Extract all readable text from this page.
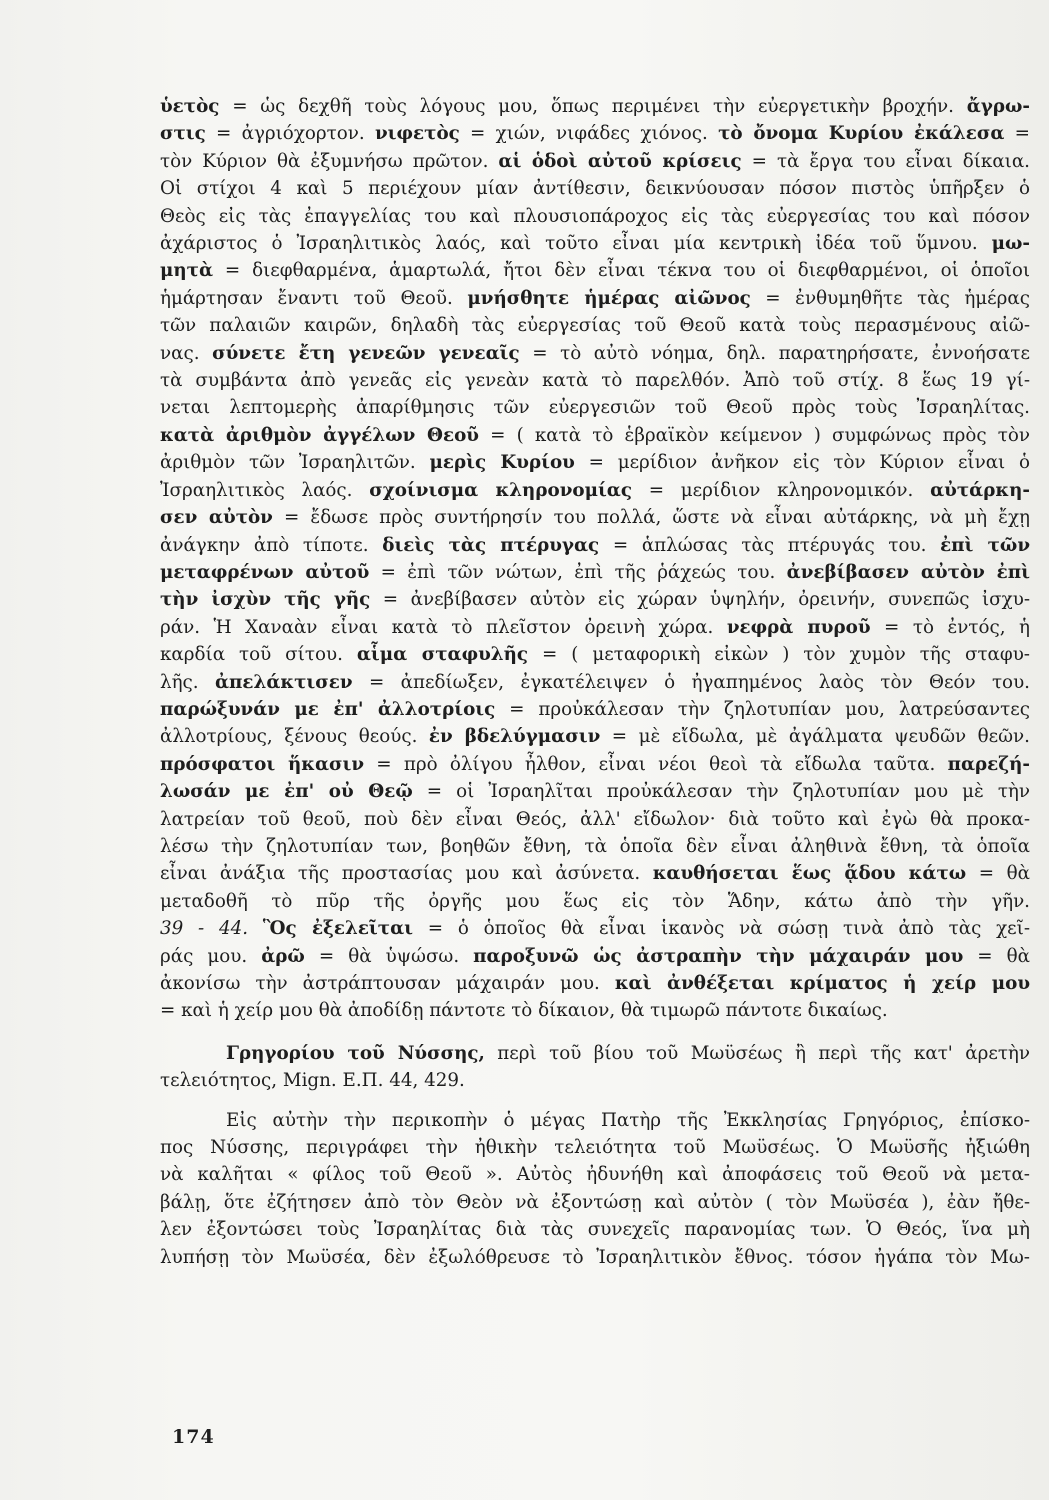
ὑετὸς = ὡς δεχθῆ τοὺς λόγους μου, ὅπως περιμένει τὴν εὐεργετικὴν βροχήν. ἄγρω-
στις = ἀγριόχορτον. νιφετὸς = χιών, νιφάδες χιόνος. τὸ ὄνομα Κυρίου ἐκάλεσα =
τὸν Κύριον θὰ ἐξυμνήσω πρῶτον. αἱ ὁδοὶ αὐτοῦ κρίσεις = τὰ ἔργα του εἶναι δίκαια.
Οἱ στίχοι 4 καὶ 5 περιέχουν μίαν ἀντίθεσιν, δεικνύουσαν πόσον πιστὸς ὑπῆρξεν ὁ
Θεὸς εἰς τὰς ἐπαγγελίας του καὶ πλουσιοπάροχος εἰς τὰς εὐεργεσίας του καὶ πόσον
ἀχάριστος ὁ Ἰσραηλιτικὸς λαός, καὶ τοῦτο εἶναι μία κεντρικὴ ἰδέα τοῦ ὕμνου. μω-
μητὰ = διεφθαρμένα, ἁμαρτωλά, ἤτοι δὲν εἶναι τέκνα του οἱ διεφθαρμένοι, οἱ ὁποῖοι
ἡμάρτησαν ἔναντι τοῦ Θεοῦ. μνήσθητε ἡμέρας αἰῶνος = ἐνθυμηθῆτε τὰς ἡμέρας
τῶν παλαιῶν καιρῶν, δηλαδὴ τὰς εὐεργεσίας τοῦ Θεοῦ κατὰ τοὺς περασμένους αἰῶ-
νας. σύνετε ἔτη γενεῶν γενεαῖς = τὸ αὐτὸ νόημα, δηλ. παρατηρήσατε, ἐννοήσατε
τὰ συμβάντα ἀπὸ γενεᾶς εἰς γενεὰν κατὰ τὸ παρελθόν. Ἀπὸ τοῦ στίχ. 8 ἕως 19 γί-
νεται λεπτομερὴς ἀπαρίθμησις τῶν εὐεργεσιῶν τοῦ Θεοῦ πρὸς τοὺς Ἰσραηλίτας.
κατὰ ἀριθμὸν ἀγγέλων Θεοῦ = ( κατὰ τὸ ἑβραϊκὸν κείμενον ) συμφώνως πρὸς τὸν
ἀριθμὸν τῶν Ἰσραηλιτῶν. μερὶς Κυρίου = μερίδιον ἀνῆκον εἰς τὸν Κύριον εἶναι ὁ
Ἰσραηλιτικὸς λαός. σχοίνισμα κληρονομίας = μερίδιον κληρονομικόν. αὐτάρκη-
σεν αὐτὸν = ἔδωσε πρὸς συντήρησίν του πολλά, ὥστε νὰ εἶναι αὐτάρκης, νὰ μὴ ἔχῃ
ἀνάγκην ἀπὸ τίποτε. διεὶς τὰς πτέρυγας = ἁπλώσας τὰς πτέρυγάς του. ἐπὶ τῶν
μεταφρένων αὐτοῦ = ἐπὶ τῶν νώτων, ἐπὶ τῆς ῥάχεώς του. ἀνεβίβασεν αὐτὸν ἐπὶ
τὴν ἰσχὺν τῆς γῆς = ἀνεβίβασεν αὐτὸν εἰς χώραν ὑψηλήν, ὀρεινήν, συνεπῶς ἰσχυ-
ράν. Ἡ Χαναὰν εἶναι κατὰ τὸ πλεῖστον ὀρεινὴ χώρα. νεφρὰ πυροῦ = τὸ ἐντός, ἡ
καρδία τοῦ σίτου. αἷμα σταφυλῆς = ( μεταφορικὴ εἰκὼν ) τὸν χυμὸν τῆς σταφυ-
λῆς. ἀπελάκτισεν = ἀπεδίωξεν, ἐγκατέλειψεν ὁ ἠγαπημένος λαὸς τὸν Θεόν του.
παρώξυνάν με ἐπ' ἀλλοτρίοις = προὐκάλεσαν τὴν ζηλοτυπίαν μου, λατρεύσαντες
ἀλλοτρίους, ξένους θεούς. ἐν βδελύγμασιν = μὲ εἴδωλα, μὲ ἀγάλματα ψευδῶν θεῶν.
πρόσφατοι ἥκασιν = πρὸ ὀλίγου ἦλθον, εἶναι νέοι θεοὶ τὰ εἴδωλα ταῦτα. παρεζή-
λωσάν με ἐπ' οὐ Θεῷ = οἱ Ἰσραηλῖται προὐκάλεσαν τὴν ζηλοτυπίαν μου μὲ τὴν
λατρείαν τοῦ θεοῦ, ποὺ δὲν εἶναι Θεός, ἀλλ' εἴδωλον· διὰ τοῦτο καὶ ἐγὼ θὰ προκα-
λέσω τὴν ζηλοτυπίαν των, βοηθῶν ἔθνη, τὰ ὁποῖα δὲν εἶναι ἀληθινὰ ἔθνη, τὰ ὁποῖα
εἶναι ἀνάξια τῆς προστασίας μου καὶ ἀσύνετα. καυθήσεται ἕως ᾅδου κάτω = θὰ
μεταδοθῆ τὸ πῦρ τῆς ὀργῆς μου ἕως εἰς τὸν Ἅδην, κάτω ἀπὸ τὴν γῆν.
39 - 44. Ὃς ἐξελεῖται = ὁ ὁποῖος θὰ εἶναι ἱκανὸς νὰ σώσῃ τινὰ ἀπὸ τὰς χεῖ-
ράς μου. ἀρῶ = θὰ ὑψώσω. παροξυνῶ ὡς ἀστραπὴν τὴν μάχαιράν μου = θὰ
ἀκονίσω τὴν ἀστράπτουσαν μάχαιράν μου. καὶ ἀνθέξεται κρίματος ἡ χείρ μου
= καὶ ἡ χείρ μου θὰ ἀποδίδῃ πάντοτε τὸ δίκαιον, θὰ τιμωρῶ πάντοτε δικαίως.
Γρηγορίου τοῦ Νύσσης, περὶ τοῦ βίου τοῦ Μωϋσέως ἢ περὶ τῆς κατ' ἀρετὴν
τελειότητος, Mign. Ε.Π. 44, 429.
Εἰς αὐτὴν τὴν περικοπὴν ὁ μέγας Πατὴρ τῆς Ἐκκλησίας Γρηγόριος, ἐπίσκο-
πος Νύσσης, περιγράφει τὴν ἠθικὴν τελειότητα τοῦ Μωϋσέως. Ὁ Μωϋσῆς ἠξιώθη
νὰ καλῆται « φίλος τοῦ Θεοῦ ». Αὐτὸς ἠδυνήθη καὶ ἀποφάσεις τοῦ Θεοῦ νὰ μετα-
βάλῃ, ὅτε ἐζήτησεν ἀπὸ τὸν Θεὸν νὰ ἐξοντώσῃ καὶ αὐτὸν ( τὸν Μωϋσέα ), ἐὰν ἤθε-
λεν ἐξοντώσει τοὺς Ἰσραηλίτας διὰ τὰς συνεχεῖς παρανομίας των. Ὁ Θεός, ἵνα μὴ
λυπήσῃ τὸν Μωϋσέα, δὲν ἐξωλόθρευσε τὸ Ἰσραηλιτικὸν ἔθνος. τόσον ἠγάπα τὸν Μω-
174
